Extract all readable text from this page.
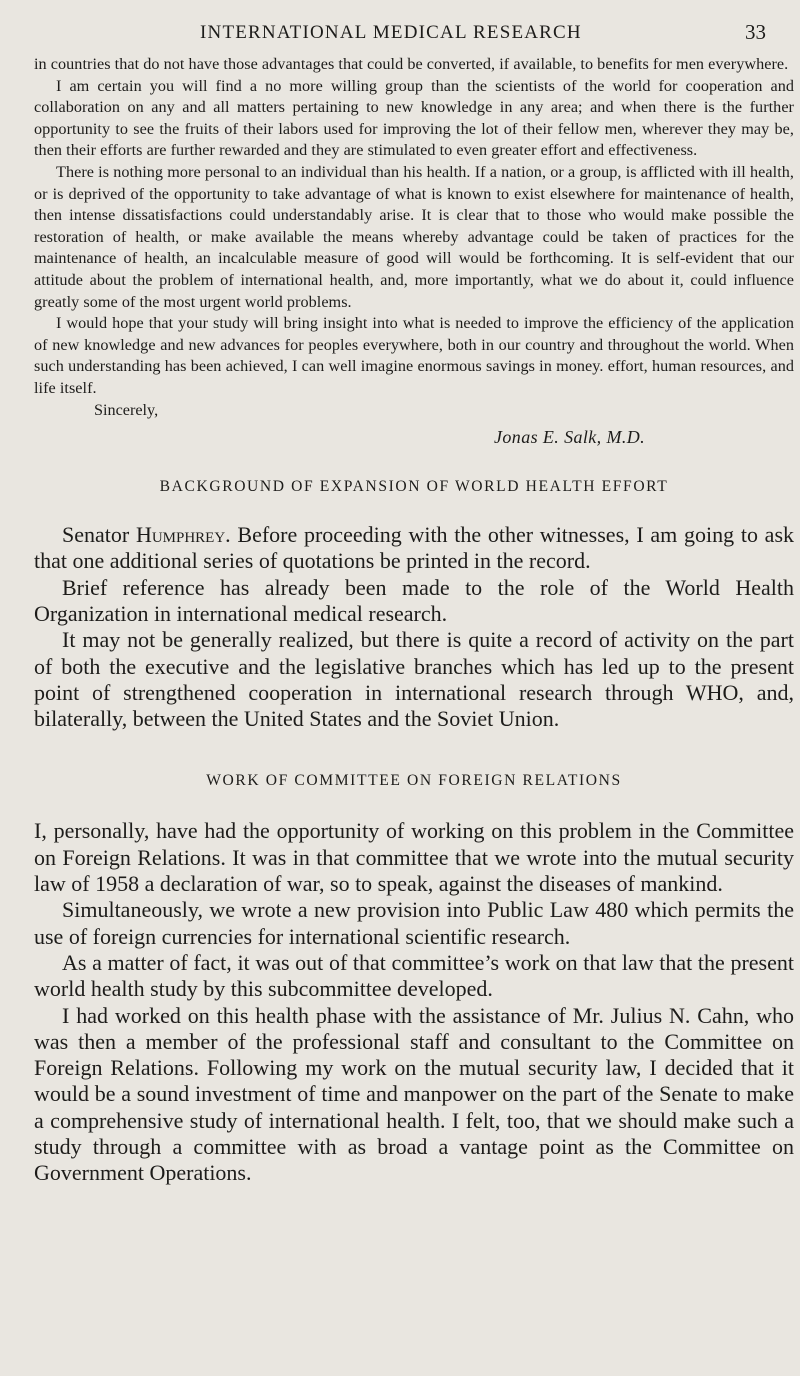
INTERNATIONAL MEDICAL RESEARCH	33

in countries that do not have those advantages that could be converted, if available, to benefits for men everywhere.

I am certain you will find a no more willing group than the scientists of the world for cooperation and collaboration on any and all matters pertaining to new knowledge in any area; and when there is the further opportunity to see the fruits of their labors used for improving the lot of their fellow men, wherever they may be, then their efforts are further rewarded and they are stimulated to even greater effort and effectiveness.

There is nothing more personal to an individual than his health. If a nation, or a group, is afflicted with ill health, or is deprived of the opportunity to take advantage of what is known to exist elsewhere for maintenance of health, then intense dissatisfactions could understandably arise. It is clear that to those who would make possible the restoration of health, or make available the means whereby advantage could be taken of practices for the maintenance of health, an incalculable measure of good will would be forthcoming. It is self-evident that our attitude about the problem of international health, and, more importantly, what we do about it, could influence greatly some of the most urgent world problems.

I would hope that your study will bring insight into what is needed to improve the efficiency of the application of new knowledge and new advances for peoples everywhere, both in our country and throughout the world. When such understanding has been achieved, I can well imagine enormous savings in money. effort, human resources, and life itself.

Sincerely,
Jonas E. Salk, M.D.
BACKGROUND OF EXPANSION OF WORLD HEALTH EFFORT

Senator Humphrey. Before proceeding with the other witnesses, I am going to ask that one additional series of quotations be printed in the record.

Brief reference has already been made to the role of the World Health Organization in international medical research.

It may not be generally realized, but there is quite a record of activity on the part of both the executive and the legislative branches which has led up to the present point of strengthened cooperation in international research through WHO, and, bilaterally, between the United States and the Soviet Union.

WORK OF COMMITTEE ON FOREIGN RELATIONS

I, personally, have had the opportunity of working on this problem in the Committee on Foreign Relations. It was in that committee that we wrote into the mutual security law of 1958 a declaration of war, so to speak, against the diseases of mankind.

Simultaneously, we wrote a new provision into Public Law 480 which permits the use of foreign currencies for international scientific research.

As a matter of fact, it was out of that committee’s work on that law that the present world health study by this subcommittee developed.

I had worked on this health phase with the assistance of Mr. Julius N. Cahn, who was then a member of the professional staff and consultant to the Committee on Foreign Relations. Following my work on the mutual security law, I decided that it would be a sound investment of time and manpower on the part of the Senate to make a comprehensive study of international health. I felt, too, that we should make such a study through a committee with as broad a vantage point as the Committee on Government Operations.
